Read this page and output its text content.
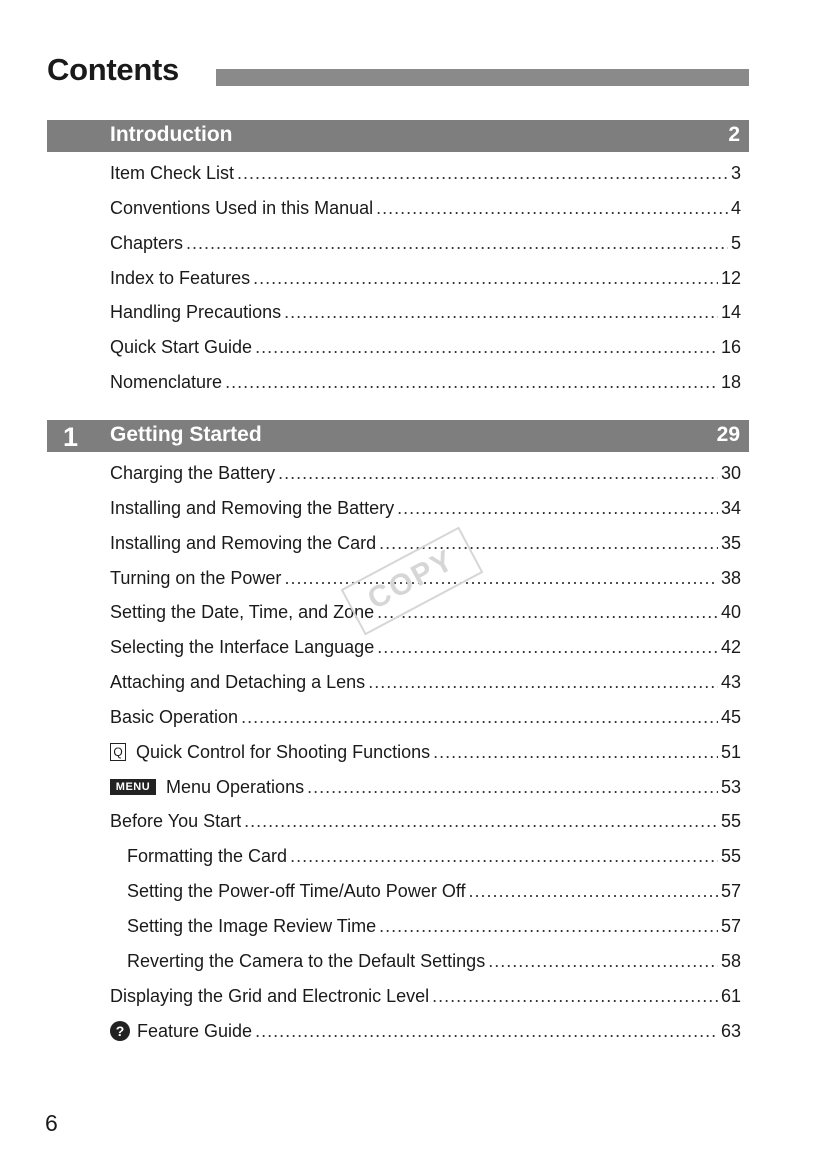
Contents
Introduction	2
Item Check List .....	3
Conventions Used in this Manual .....	4
Chapters .....	5
Index to Features .....	12
Handling Precautions .....	14
Quick Start Guide .....	16
Nomenclature .....	18
1 Getting Started	29
Charging the Battery .....	30
Installing and Removing the Battery .....	34
Installing and Removing the Card .....	35
Turning on the Power .....	38
Setting the Date, Time, and Zone .....	40
Selecting the Interface Language .....	42
Attaching and Detaching a Lens .....	43
Basic Operation .....	45
Q Quick Control for Shooting Functions .....	51
MENU Menu Operations .....	53
Before You Start .....	55
Formatting the Card .....	55
Setting the Power-off Time/Auto Power Off .....	57
Setting the Image Review Time .....	57
Reverting the Camera to the Default Settings .....	58
Displaying the Grid and Electronic Level .....	61
? Feature Guide .....	63
COPY
6
